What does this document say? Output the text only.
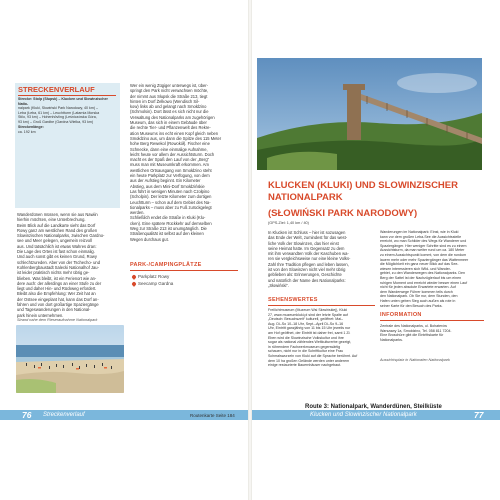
STRECKENVERLAUF
Strecke: Stolp (Słupsk) – Klucken und Slowinzischer Natio-
nalpark (Kluki, Słowiński Park Narodowy, 40 km) –
Leba (Łeba, 61 km) – Leuchtturm (Latarnia Morska
Stilo, 93 km) – Hohenhövling (Leśniczówka Góra,
93 km) – Groß Gardbe (Gardna Wielka, 93 km)
Streckenlänge:
ca. 192 km
Wanderdünen müssen, wenn sie aus Nawiin
hierhin möchten, eine Unterbrechung.
Beim Blick auf die Landkarte sieht das Dorf
Rowy ganz am westlichen Rand des großen
Slowinzischen Nationalparks, zwischen Gardno-
see und Meer gelegen, ungemein reizvoll
aus. Und tatsächlich ist etwas Wahres dran:
Die Lage des Ortes ist fast schon einmalig.
Und auch sonst gibt es keinen Grund, Rowy
schlechtzureden. Aber von der Tschecho- und
Kohlenbergbaustadt Salecki Nationalhof Jau-
ist leider praktisch nichts mehr übrig ge-
blieben. Was bleibt, ist ein Ferienort wie an-
dere auch: der allerdings an einer Stufe zu der
liegt und daher Hin- und Rückweg erfordert.
Bleibt also die Empfehlung: Wer Zeit hat an
der Ostsee eingeplant hat, kann das Dorf an-
fahren und von dort großartige Spaziergänge
und Tageswanderungen in den National-
park hinein unternehmen.
Wer ein wenig Zügiger unterwegs ist, über-
springt den Park nicht verwachsen möchte,
der nimmt aus Słupsk die Straße 213, tiegt
hinten im Dorf Żelkowo (Wendisch Sil-
kow) links ab und gelangt nach Smołdzino
(Schmolsin). Dort lässt es sich nicht nur die
Verwaltung des Nationalparks am zugehörigen
Museum, das sich in einem Gebäude über
die rechte Tier- und Pflanzenwelt des Rekre-
ation Museums ins echt einen Kopf gleich neben
Smołdzino aus, um dann die Spitze des 115 Meter
hohe Berg Rewekol (Rowokół). Fischer eine
Schnecke, dann eine einmalige Aufnahme,
leicht heute vor allem der Aussichtsturm. Doch
macht es der Spaß den Lauf von der „Berg“
muss man mit Museumkraft erkommen. Am
westlichen Ortsausgang von Smołdzino steht
ein heute Parkplatz zur Verfügung, von dem
aus der Aufstieg beginnt. Ein Kilometer
Abstieg, aus dem Mini-Dorf Smołdzińskie
Las führt in wenigen Minuten nach Czołpino
(Scholpin). Der letzte Kilometer zum dortigen
Leuchtturm – schon auf dem Gebiet des Na-
tionalparks – muss aber zu Fuß zurückgelegt
werden.
Schließlich endet die Straße in Kluki (Klu-
cken). Eine spätere Rückkehr auf demselben
Weg zur Straße 213 ist unumgänglich. Die
Straßenqualität ist selbst auf den kleinen
Wegen durchaus gut.
PARK-/CAMPINGPLÄTZE
Parkplatz Rowy
Seecamp Gardna
Strand nahe dem Rieseraufnahme Nationalpark
76 Streckenverlauf	Routenkarte Seite 184
KLUCKEN (KLUKI) UND SLOWINZISCHER NATIONALPARK
(SŁOWIŃSKI PARK NARODOWY)
(GPS-Ziel: 1,40 km / 40)
In Klucken ist Schluss – hier ist sozusagen
das Ende der Welt, zumindest für das west-
liche Volk der Slowinzen, das hier einst
seine Heimat hatte. Im Gegensatz zu dem
mit ihm verwandten Volk der Kaschuben wa-
ren sie vergleichsweise nur eine kleine Volks-
Zahl Ihre Tradition pflegen und leben lassen,
ist von den Slowinzen nicht viel mehr übrig
geblieben als: Erinnerungen, Geschichte
und natürlich der Name des Nationalparks:
„Słowiński“.
SEHENSWERTES
Freilichtmuseum (Muzeum Wsi Słowińskiej), Kluki
27, www.muzeumkluki.pl sind der letzte Spalte auf
„Deutsch: Besuchszeit“ kulturell, geöffnet: Mai–
Aug. Di–So 10–18 Uhr, Sept.–April Di–So 9–16
Uhr, Eintritt ganzjährig von 11 bis 15 Uhr jeweils nur
am Hof geöffnet, der Eintritt ist daher frei, samt 1 Zł.
Eben wird die Slowinzische Volkskultur und ihre
sogar als national zählendes Weltkulturerbe gezeigt,
in rührendem Fachwerkmuseum gegenwärtig
schauen, nicht nur in die Schriftkultur eine Frau
Schmalswurzeln von Kluki auf die Sprache berühmt. Auf
dem 10 ha großen Gelände werden unter anderem
einige restaurierte Bauernhäuser nachgebaut.
Wanderungen im Nationalpark: Einst, wie in Kluki
kann vor dem großen Leba-See die Aussichtsstelle
erreicht, wo man Schilder des Wegs für Wanderer und
Spaziergänger. Hier weniger Schritte sind es zu einem
Aussichtsturm, da man weiter rund um ca. 180 Meter
zu einem Aussichtspunkt kommt, von dem die rundum
lauern mehr oder mehr Spaziergänger das Wattenmeer
die Möglichkeit ein ganz neuer Blick auf das See-
wiesen interessieren sich Wild- und Wander-
gebiet, zu den Wanderwegen des Nationalparks. Den
Berg der Sattel ist der Nachzüglerlauf bis um einen
ruhigen Moment und erreicht wieder besser einen Lauf
nicht für jeden absolute Erwartete erwarten. Auf
dem Wanderwege Führer kommen teils durch
den Nationalpark. Ob Sie nur, dem Stunden, den
Hafen unten geben Sieg auch außen als rote in
seiner Karte für den Besuch des Parks.
INFORMATION
Zentrale des Nationalparks, ul. Bohaterów
Warszawy 1a, Smołdzino, Tel. 058 811 7204.
Eine Broschüre gibt die Eintrittskarte für
Nationalparks.
Aussichtsplatz in Nationalen Nationalpark
Route 3: Nationalpark, Wanderdünen, Steilküste
Klucken und Slowinzischer Nationalpark	77
